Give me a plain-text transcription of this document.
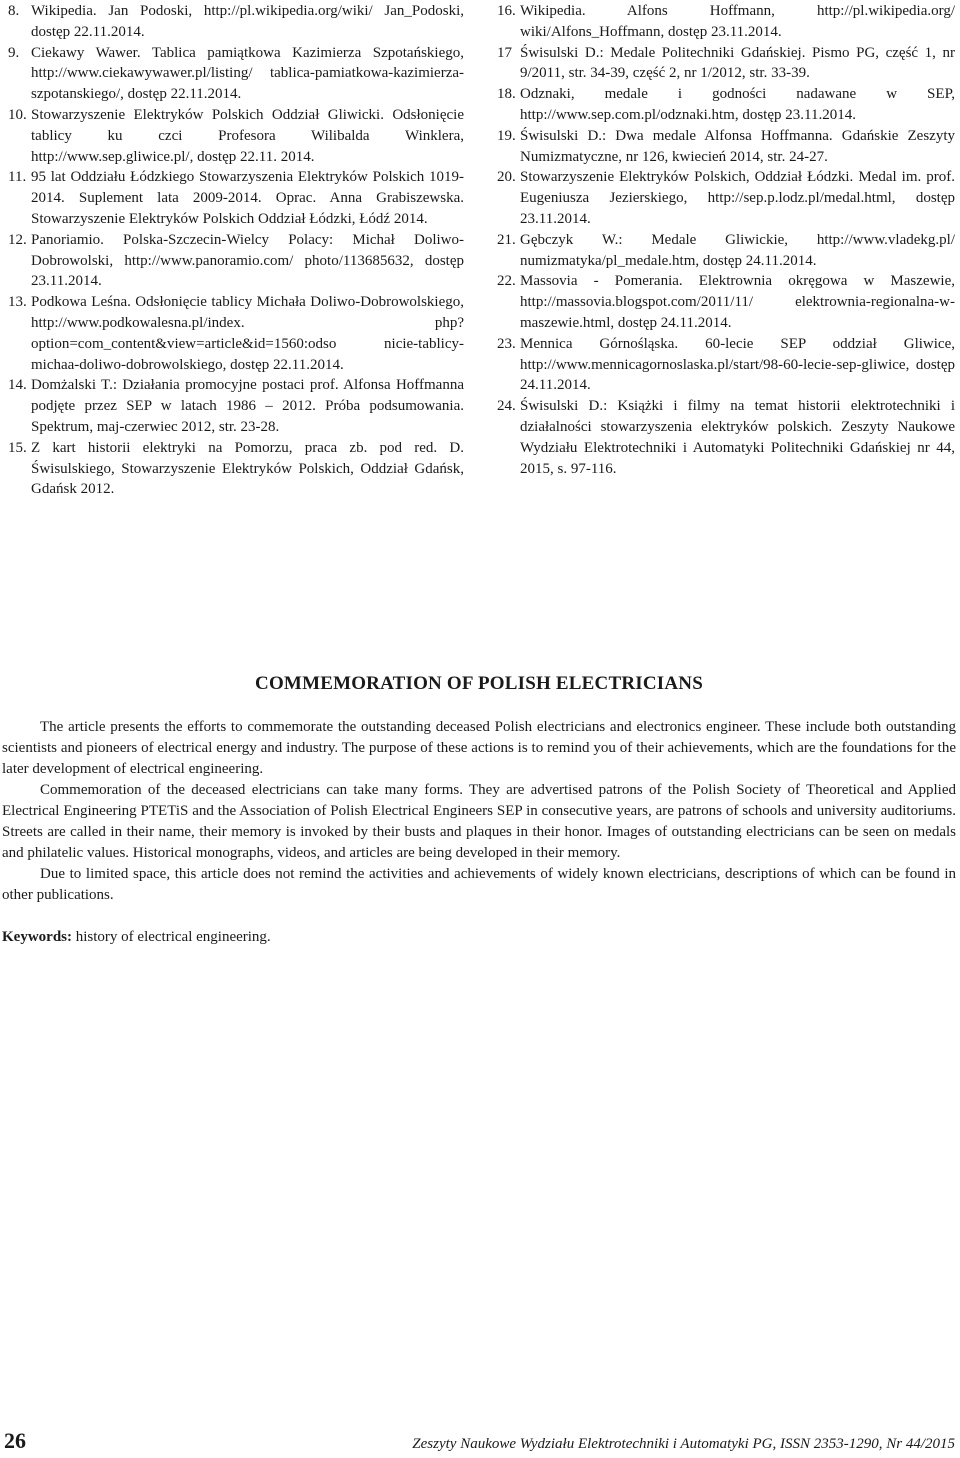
8. Wikipedia. Jan Podoski, http://pl.wikipedia.org/wiki/ Jan_Podoski, dostęp 22.11.2014.
9. Ciekawy Wawer. Tablica pamiątkowa Kazimierza Szpotańskiego, http://www.ciekawywawer.pl/listing/ tablica-pamiatkowa-kazimierza-szpotanskiego/, dostęp 22.11.2014.
10. Stowarzyszenie Elektryków Polskich Oddział Gliwicki. Odsłonięcie tablicy ku czci Profesora Wilibalda Winklera, http://www.sep.gliwice.pl/, dostęp 22.11. 2014.
11. 95 lat Oddziału Łódzkiego Stowarzyszenia Elektryków Polskich 1019-2014. Suplement lata 2009-2014. Oprac. Anna Grabiszewska. Stowarzyszenie Elektryków Polskich Oddział Łódzki, Łódź 2014.
12. Panoriamio. Polska-Szczecin-Wielcy Polacy: Michał Doliwo-Dobrowolski, http://www.panoramio.com/ photo/113685632, dostęp 23.11.2014.
13. Podkowa Leśna. Odsłonięcie tablicy Michała Doliwo-Dobrowolskiego, http://www.podkowalesna.pl/index. php?option=com_content&view=article&id=1560:odso nicie-tablicy-michaa-doliwo-dobrowolskiego, dostęp 22.11.2014.
14. Domżalski T.: Działania promocyjne postaci prof. Alfonsa Hoffmanna podjęte przez SEP w latach 1986 – 2012. Próba podsumowania. Spektrum, maj-czerwiec 2012, str. 23-28.
15. Z kart historii elektryki na Pomorzu, praca zb. pod red. D. Świsulskiego, Stowarzyszenie Elektryków Polskich, Oddział Gdańsk, Gdańsk 2012.
16. Wikipedia. Alfons Hoffmann, http://pl.wikipedia.org/ wiki/Alfons_Hoffmann, dostęp 23.11.2014.
17 Świsulski D.: Medale Politechniki Gdańskiej. Pismo PG, część 1, nr 9/2011, str. 34-39, część 2, nr 1/2012, str. 33-39.
18. Odznaki, medale i godności nadawane w SEP, http://www.sep.com.pl/odznaki.htm, dostęp 23.11.2014.
19. Świsulski D.: Dwa medale Alfonsa Hoffmanna. Gdańskie Zeszyty Numizmatyczne, nr 126, kwiecień 2014, str. 24-27.
20. Stowarzyszenie Elektryków Polskich, Oddział Łódzki. Medal im. prof. Eugeniusza Jezierskiego, http://sep.p.lodz.pl/medal.html, dostęp 23.11.2014.
21. Gębczyk W.: Medale Gliwickie, http://www.vladekg.pl/ numizmatyka/pl_medale.htm, dostęp 24.11.2014.
22. Massovia - Pomerania. Elektrownia okręgowa w Maszewie, http://massovia.blogspot.com/2011/11/ elektrownia-regionalna-w-maszewie.html, dostęp 24.11.2014.
23. Mennica Górnośląska. 60-lecie SEP oddział Gliwice, http://www.mennicagornoslaska.pl/start/98-60-lecie-sep-gliwice, dostęp 24.11.2014.
24. Świsulski D.: Książki i filmy na temat historii elektrotechniki i działalności stowarzyszenia elektryków polskich. Zeszyty Naukowe Wydziału Elektrotechniki i Automatyki Politechniki Gdańskiej nr 44, 2015, s. 97-116.
COMMEMORATION OF POLISH ELECTRICIANS

The article presents the efforts to commemorate the outstanding deceased Polish electricians and electronics engineer. These include both outstanding scientists and pioneers of electrical energy and industry. The purpose of these actions is to remind you of their achievements, which are the foundations for the later development of electrical engineering.

Commemoration of the deceased electricians can take many forms. They are advertised patrons of the Polish Society of Theoretical and Applied Electrical Engineering PTETiS and the Association of Polish Electrical Engineers SEP in consecutive years, are patrons of schools and university auditoriums. Streets are called in their name, their memory is invoked by their busts and plaques in their honor. Images of outstanding electricians can be seen on medals and philatelic values. Historical monographs, videos, and articles are being developed in their memory.

Due to limited space, this article does not remind the activities and achievements of widely known electricians, descriptions of which can be found in other publications.

Keywords: history of electrical engineering.

26	Zeszyty Naukowe Wydziału Elektrotechniki i Automatyki PG, ISSN 2353-1290, Nr 44/2015
